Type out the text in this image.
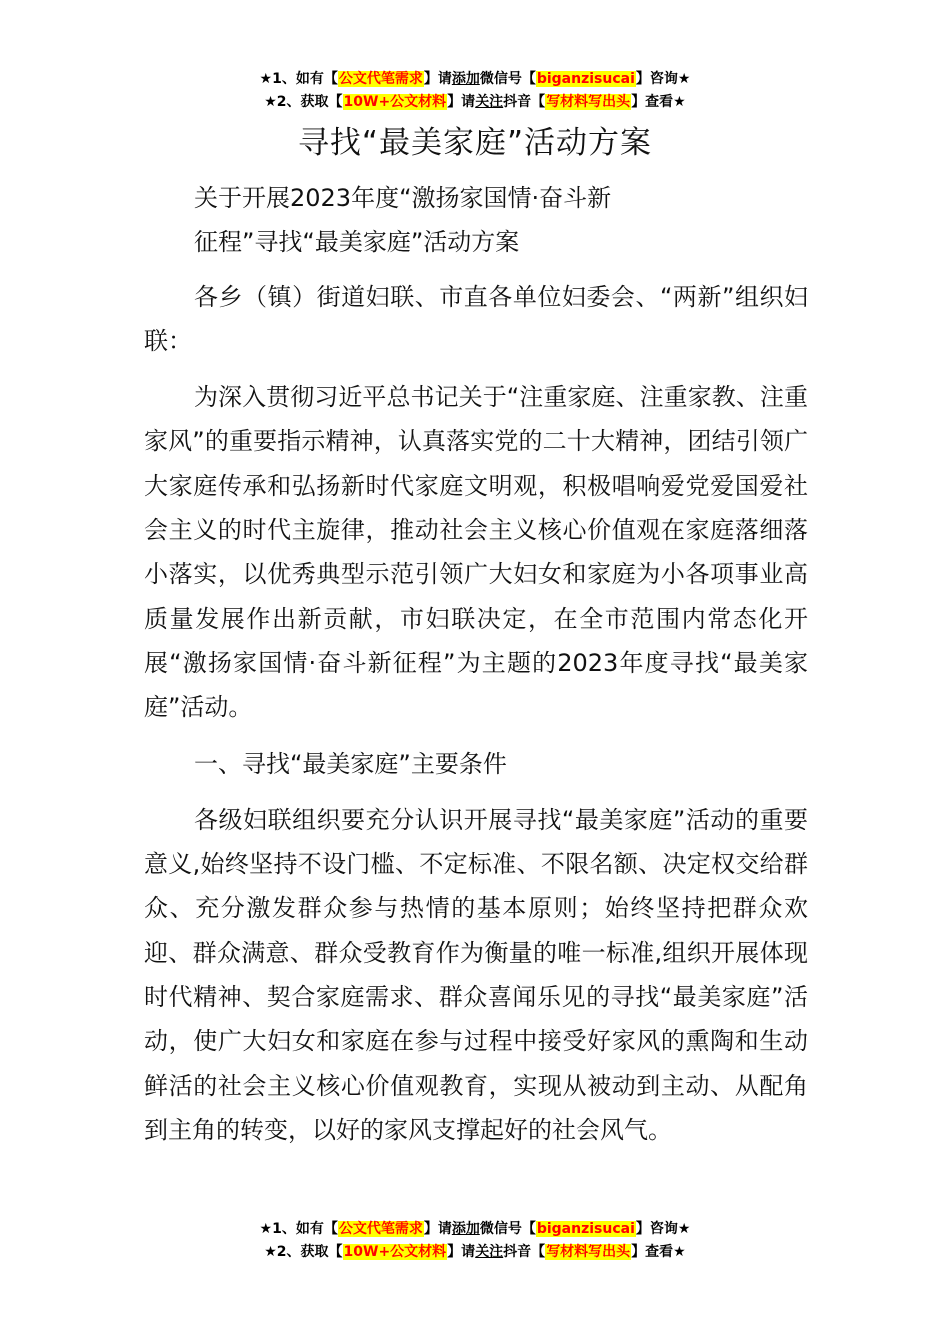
★1、如有【公文代笔需求】请添加微信号【biganzisucai】咨询★
★2、获取【10W+公文材料】请关注抖音【写材料写出头】查看★
寻找“最美家庭”活动方案

关于开展2023年度“激扬家国情·奋斗新

征程”寻找“最美家庭”活动方案

各乡（镇）街道妇联、市直各单位妇委会、“两新”组织妇联：

为深入贯彻习近平总书记关于“注重家庭、注重家教、注重家风”的重要指示精神，认真落实党的二十大精神，团结引领广大家庭传承和弘扬新时代家庭文明观，积极唱响爱党爱国爱社会主义的时代主旋律，推动社会主义核心价值观在家庭落细落小落实，以优秀典型示范引领广大妇女和家庭为小各项事业高质量发展作出新贡献，市妇联决定，在全市范围内常态化开展“激扬家国情·奋斗新征程”为主题的2023年度寻找“最美家庭”活动。

一、寻找“最美家庭”主要条件

各级妇联组织要充分认识开展寻找“最美家庭”活动的重要意义,始终坚持不设门槛、不定标准、不限名额、决定权交给群众、充分激发群众参与热情的基本原则；始终坚持把群众欢迎、群众满意、群众受教育作为衡量的唯一标准,组织开展体现时代精神、契合家庭需求、群众喜闻乐见的寻找“最美家庭”活动，使广大妇女和家庭在参与过程中接受好家风的熏陶和生动鲜活的社会主义核心价值观教育，实现从被动到主动、从配角到主角的转变，以好的家风支撑起好的社会风气。

★1、如有【公文代笔需求】请添加微信号【biganzisucai】咨询★
★2、获取【10W+公文材料】请关注抖音【写材料写出头】查看★
